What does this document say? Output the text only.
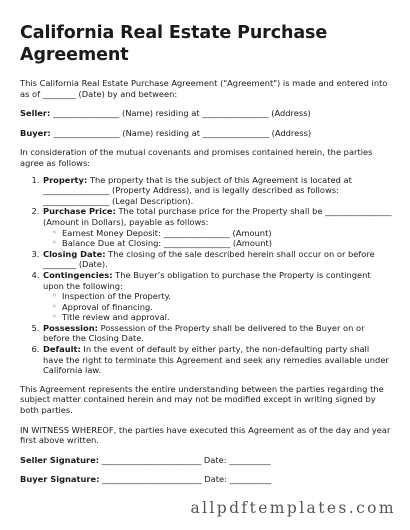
California Real Estate Purchase Agreement

This California Real Estate Purchase Agreement ("Agreement") is made and entered into as of ________ (Date) by and between:

Seller: ________________ (Name) residing at ________________ (Address)

Buyer: ________________ (Name) residing at ________________ (Address)

In consideration of the mutual covenants and promises contained herein, the parties agree as follows:

1. Property: The property that is the subject of this Agreement is located at ________________ (Property Address), and is legally described as follows: ________________ (Legal Description).
2. Purchase Price: The total purchase price for the Property shall be ________________ (Amount in Dollars), payable as follows:
◦ Earnest Money Deposit: ________________ (Amount)
◦ Balance Due at Closing: ________________ (Amount)
3. Closing Date: The closing of the sale described herein shall occur on or before ________ (Date).
4. Contingencies: The Buyer’s obligation to purchase the Property is contingent upon the following:
◦ Inspection of the Property.
◦ Approval of financing.
◦ Title review and approval.
5. Possession: Possession of the Property shall be delivered to the Buyer on or before the Closing Date.
6. Default: In the event of default by either party, the non-defaulting party shall have the right to terminate this Agreement and seek any remedies available under California law.

This Agreement represents the entire understanding between the parties regarding the subject matter contained herein and may not be modified except in writing signed by both parties.

IN WITNESS WHEREOF, the parties have executed this Agreement as of the day and year first above written.

Seller Signature: ________________________ Date: __________

Buyer Signature: ________________________ Date: __________

allpdftemplates.com
